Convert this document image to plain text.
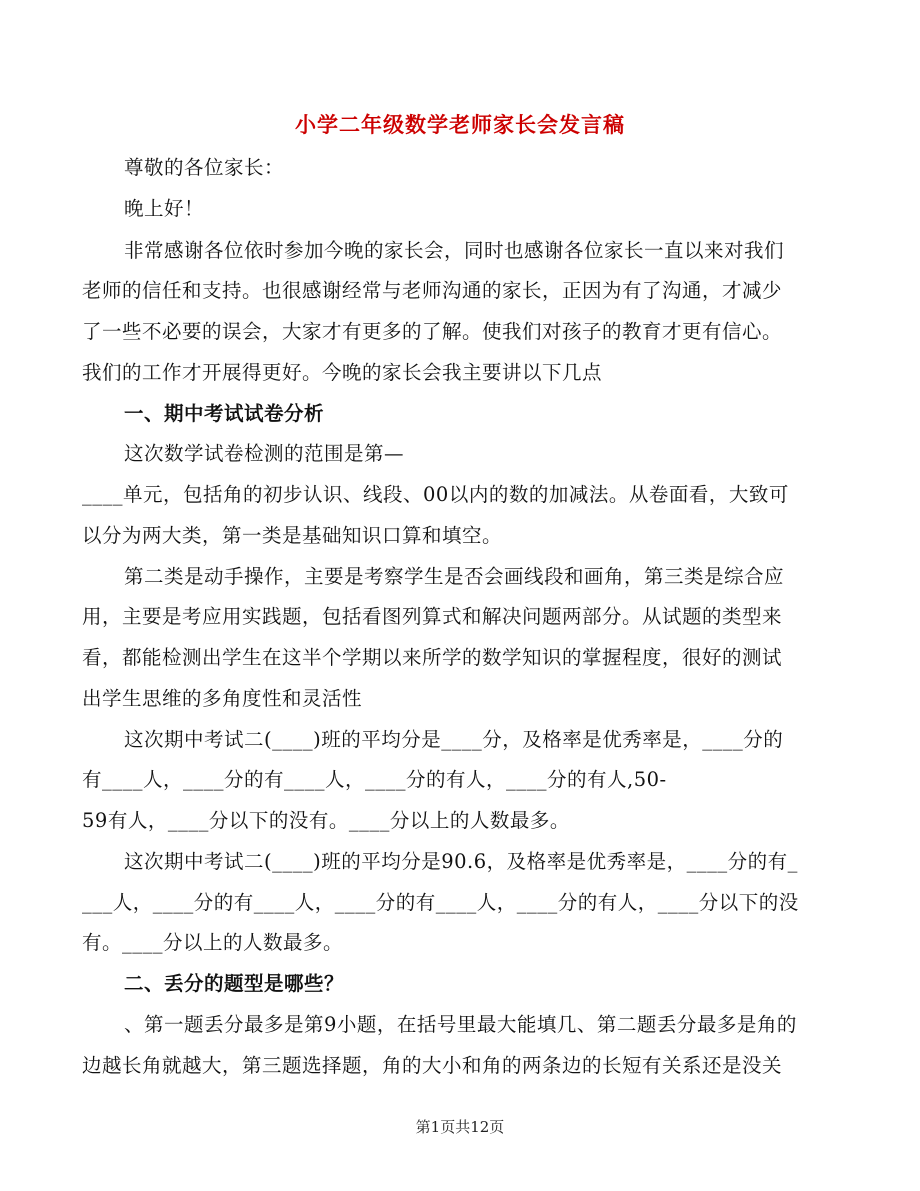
小学二年级数学老师家长会发言稿
尊敬的各位家长：
晚上好！
非常感谢各位依时参加今晚的家长会，同时也感谢各位家长一直以来对我们
老师的信任和支持。也很感谢经常与老师沟通的家长，正因为有了沟通，才减少
了一些不必要的误会，大家才有更多的了解。使我们对孩子的教育才更有信心。
我们的工作才开展得更好。今晚的家长会我主要讲以下几点
一、期中考试试卷分析
这次数学试卷检测的范围是第—
____单元，包括角的初步认识、线段、00以内的数的加减法。从卷面看，大致可
以分为两大类，第一类是基础知识口算和填空。
第二类是动手操作，主要是考察学生是否会画线段和画角，第三类是综合应
用，主要是考应用实践题，包括看图列算式和解决问题两部分。从试题的类型来
看，都能检测出学生在这半个学期以来所学的数学知识的掌握程度，很好的测试
出学生思维的多角度性和灵活性
这次期中考试二(____)班的平均分是____分，及格率是优秀率是，____分的
有____人，____分的有____人，____分的有人，____分的有人,50-
59有人，____分以下的没有。____分以上的人数最多。
这次期中考试二(____)班的平均分是90.6，及格率是优秀率是，____分的有_
___人，____分的有____人，____分的有____人，____分的有人，____分以下的没
有。____分以上的人数最多。
二、丢分的题型是哪些？
、第一题丢分最多是第9小题，在括号里最大能填几、第二题丢分最多是角的
边越长角就越大，第三题选择题，角的大小和角的两条边的长短有关系还是没关
第1页共12页
